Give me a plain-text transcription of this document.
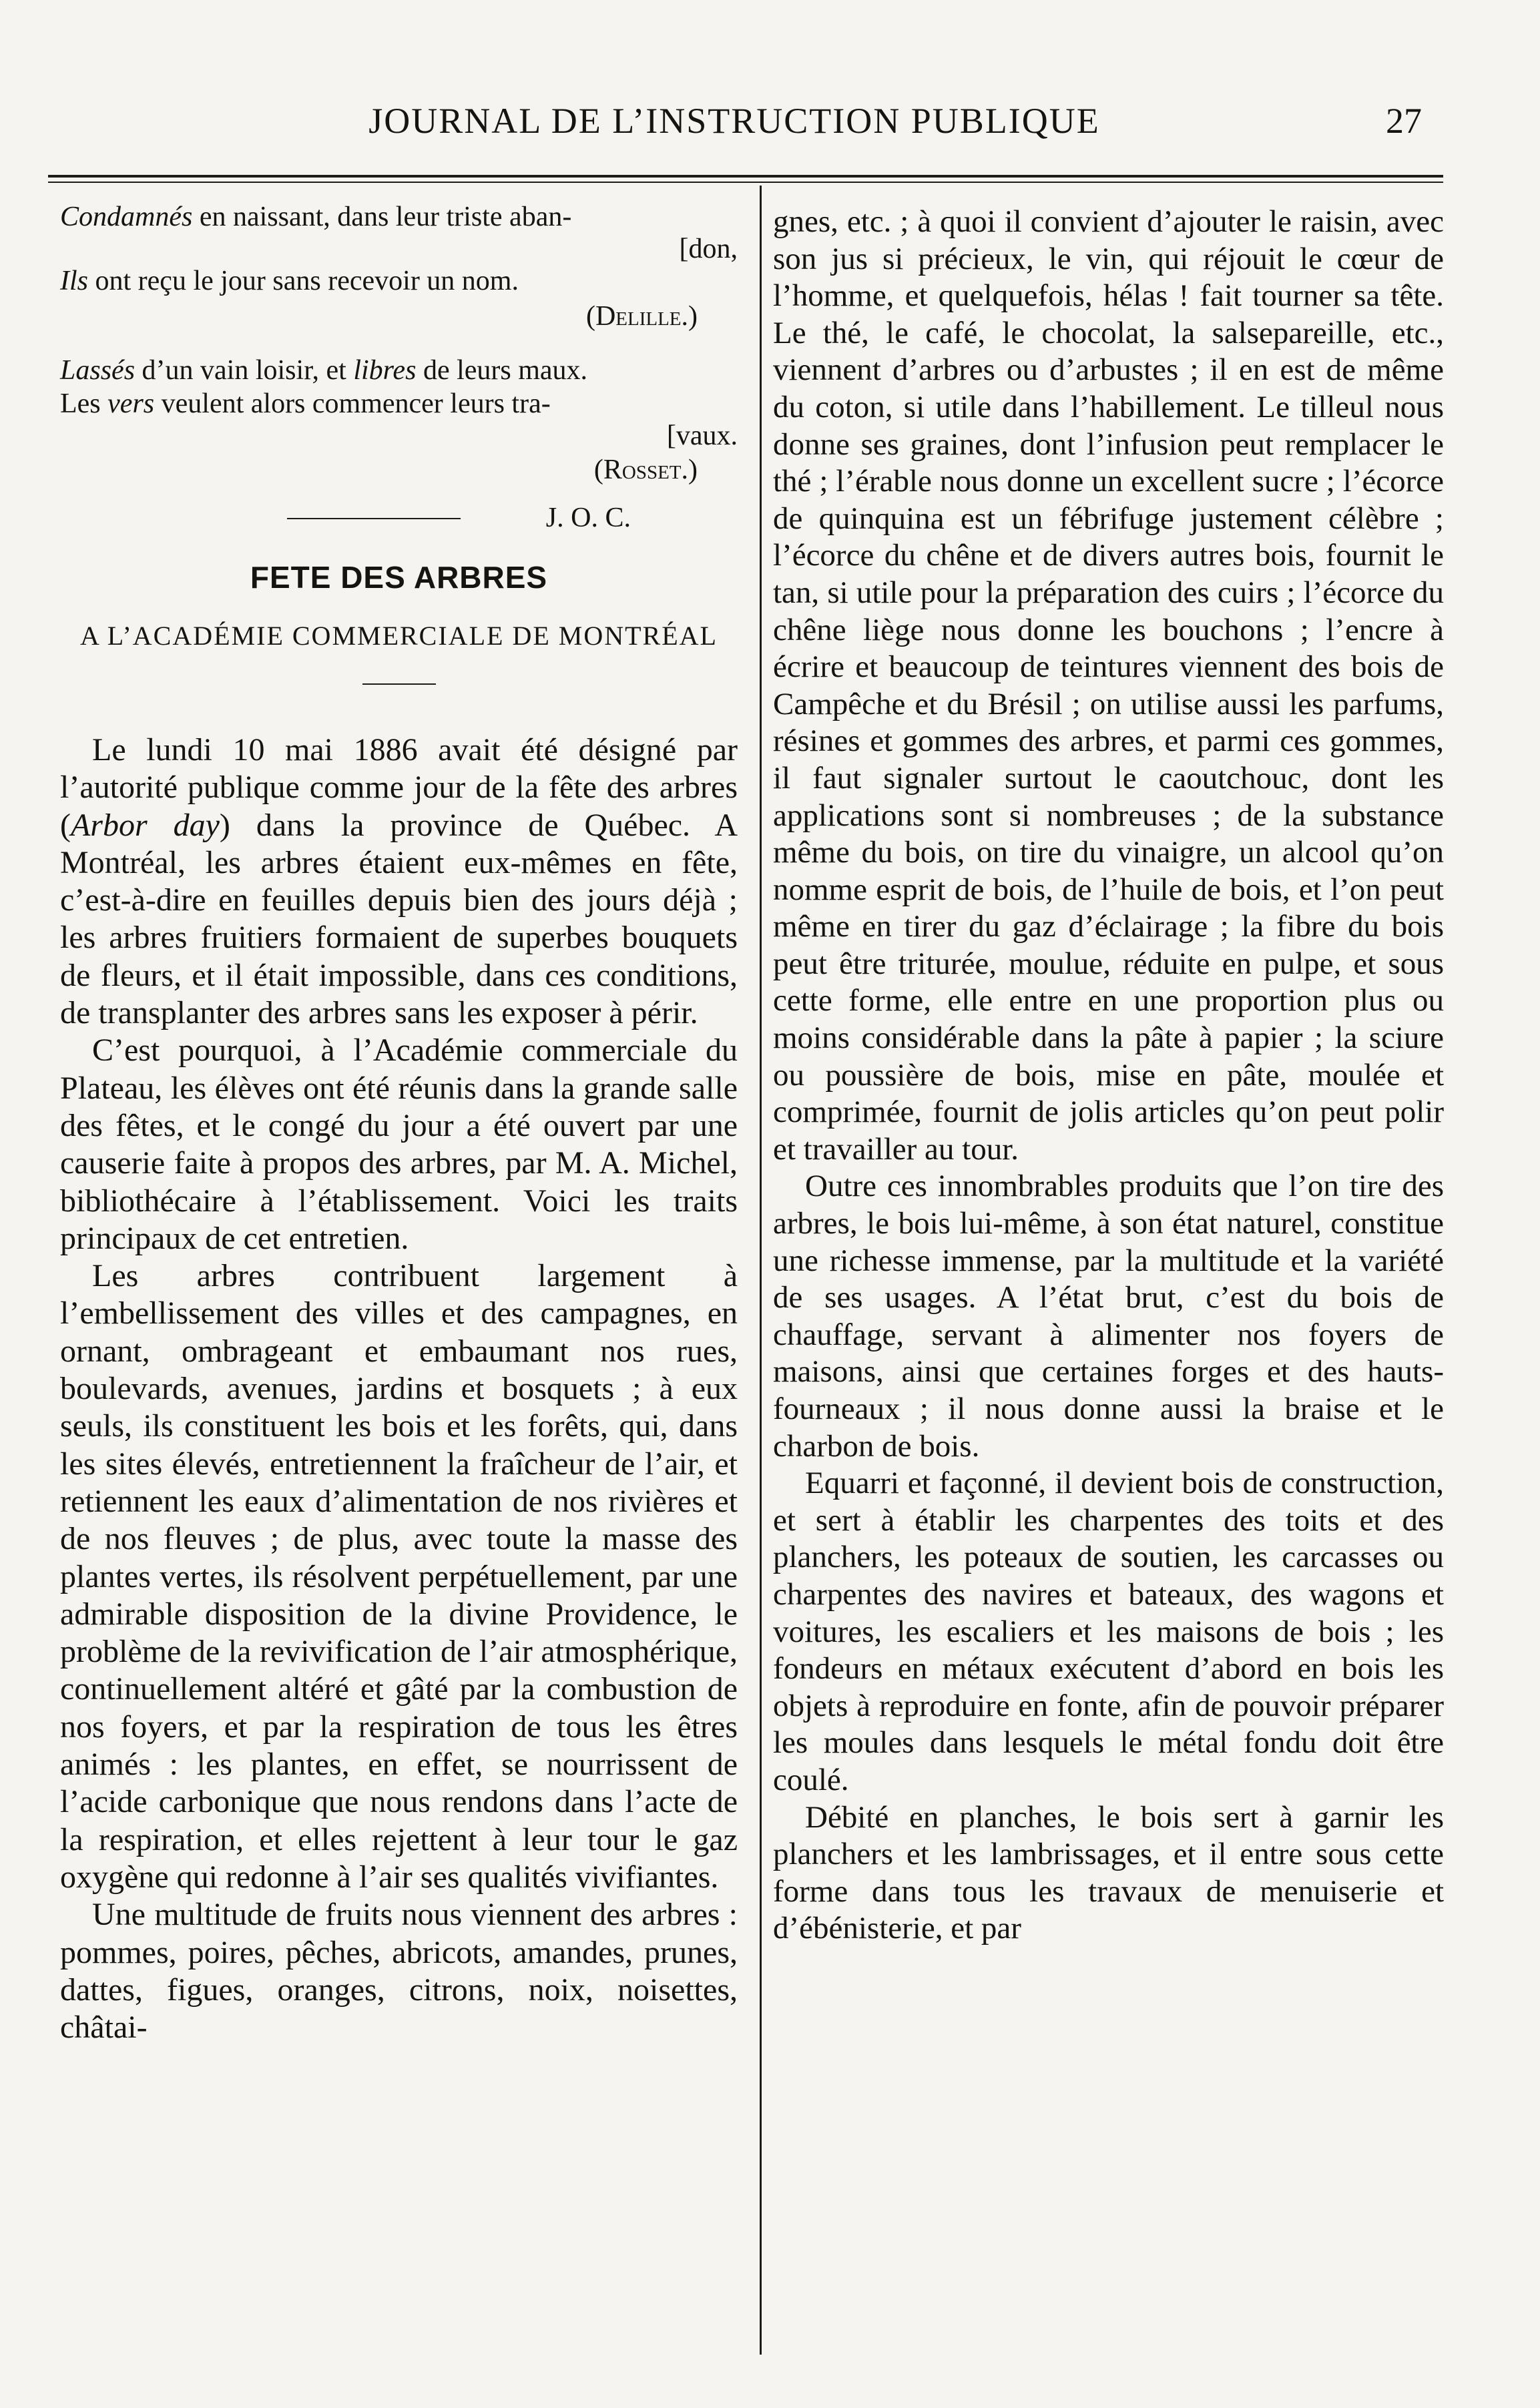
JOURNAL DE L’INSTRUCTION PUBLIQUE	27
Condamnés en naissant, dans leur triste aban-
[don,
Ils ont reçu le jour sans recevoir un nom.
(Delille.)
Lassés d’un vain loisir, et libres de leurs maux.
Les vers veulent alors commencer leurs tra-
[vaux.
(Rosset.)
J. O. C.
FETE DES ARBRES

A L’ACADÉMIE COMMERCIALE DE MONTRÉAL

Le lundi 10 mai 1886 avait été désigné par l’autorité publique comme jour de la fête des arbres (Arbor day) dans la province de Québec. A Montréal, les arbres étaient eux-mêmes en fête, c’est-à-dire en feuilles depuis bien des jours déjà ; les arbres fruitiers formaient de superbes bouquets de fleurs, et il était impossible, dans ces conditions, de transplanter des arbres sans les exposer à périr.

C’est pourquoi, à l’Académie commerciale du Plateau, les élèves ont été réunis dans la grande salle des fêtes, et le congé du jour a été ouvert par une causerie faite à propos des arbres, par M. A. Michel, bibliothécaire à l’établissement. Voici les traits principaux de cet entretien.

Les arbres contribuent largement à l’embellissement des villes et des campagnes, en ornant, ombrageant et embaumant nos rues, boulevards, avenues, jardins et bosquets ; à eux seuls, ils constituent les bois et les forêts, qui, dans les sites élevés, entretiennent la fraîcheur de l’air, et retiennent les eaux d’alimentation de nos rivières et de nos fleuves ; de plus, avec toute la masse des plantes vertes, ils résolvent perpétuellement, par une admirable disposition de la divine Providence, le problème de la revivification de l’air atmosphérique, continuellement altéré et gâté par la combustion de nos foyers, et par la respiration de tous les êtres animés : les plantes, en effet, se nourrissent de l’acide carbonique que nous rendons dans l’acte de la respiration, et elles rejettent à leur tour le gaz oxygène qui redonne à l’air ses qualités vivifiantes.

Une multitude de fruits nous viennent des arbres : pommes, poires, pêches, abricots, amandes, prunes, dattes, figues, oranges, citrons, noix, noisettes, châtai-

gnes, etc. ; à quoi il convient d’ajouter le raisin, avec son jus si précieux, le vin, qui réjouit le cœur de l’homme, et quelquefois, hélas ! fait tourner sa tête. Le thé, le café, le chocolat, la salsepareille, etc., viennent d’arbres ou d’arbustes ; il en est de même du coton, si utile dans l’habillement. Le tilleul nous donne ses graines, dont l’infusion peut remplacer le thé ; l’érable nous donne un excellent sucre ; l’écorce de quinquina est un fébrifuge justement célèbre ; l’écorce du chêne et de divers autres bois, fournit le tan, si utile pour la préparation des cuirs ; l’écorce du chêne liège nous donne les bouchons ; l’encre à écrire et beaucoup de teintures viennent des bois de Campêche et du Brésil ; on utilise aussi les parfums, résines et gommes des arbres, et parmi ces gommes, il faut signaler surtout le caoutchouc, dont les applications sont si nombreuses ; de la substance même du bois, on tire du vinaigre, un alcool qu’on nomme esprit de bois, de l’huile de bois, et l’on peut même en tirer du gaz d’éclairage ; la fibre du bois peut être triturée, moulue, réduite en pulpe, et sous cette forme, elle entre en une proportion plus ou moins considérable dans la pâte à papier ; la sciure ou poussière de bois, mise en pâte, moulée et comprimée, fournit de jolis articles qu’on peut polir et travailler au tour.

Outre ces innombrables produits que l’on tire des arbres, le bois lui-même, à son état naturel, constitue une richesse immense, par la multitude et la variété de ses usages. A l’état brut, c’est du bois de chauffage, servant à alimenter nos foyers de maisons, ainsi que certaines forges et des hauts-fourneaux ; il nous donne aussi la braise et le charbon de bois.

Equarri et façonné, il devient bois de construction, et sert à établir les charpentes des toits et des planchers, les poteaux de soutien, les carcasses ou charpentes des navires et bateaux, des wagons et voitures, les escaliers et les maisons de bois ; les fondeurs en métaux exécutent d’abord en bois les objets à reproduire en fonte, afin de pouvoir préparer les moules dans lesquels le métal fondu doit être coulé.

Débité en planches, le bois sert à garnir les planchers et les lambrissages, et il entre sous cette forme dans tous les travaux de menuiserie et d’ébénisterie, et par
